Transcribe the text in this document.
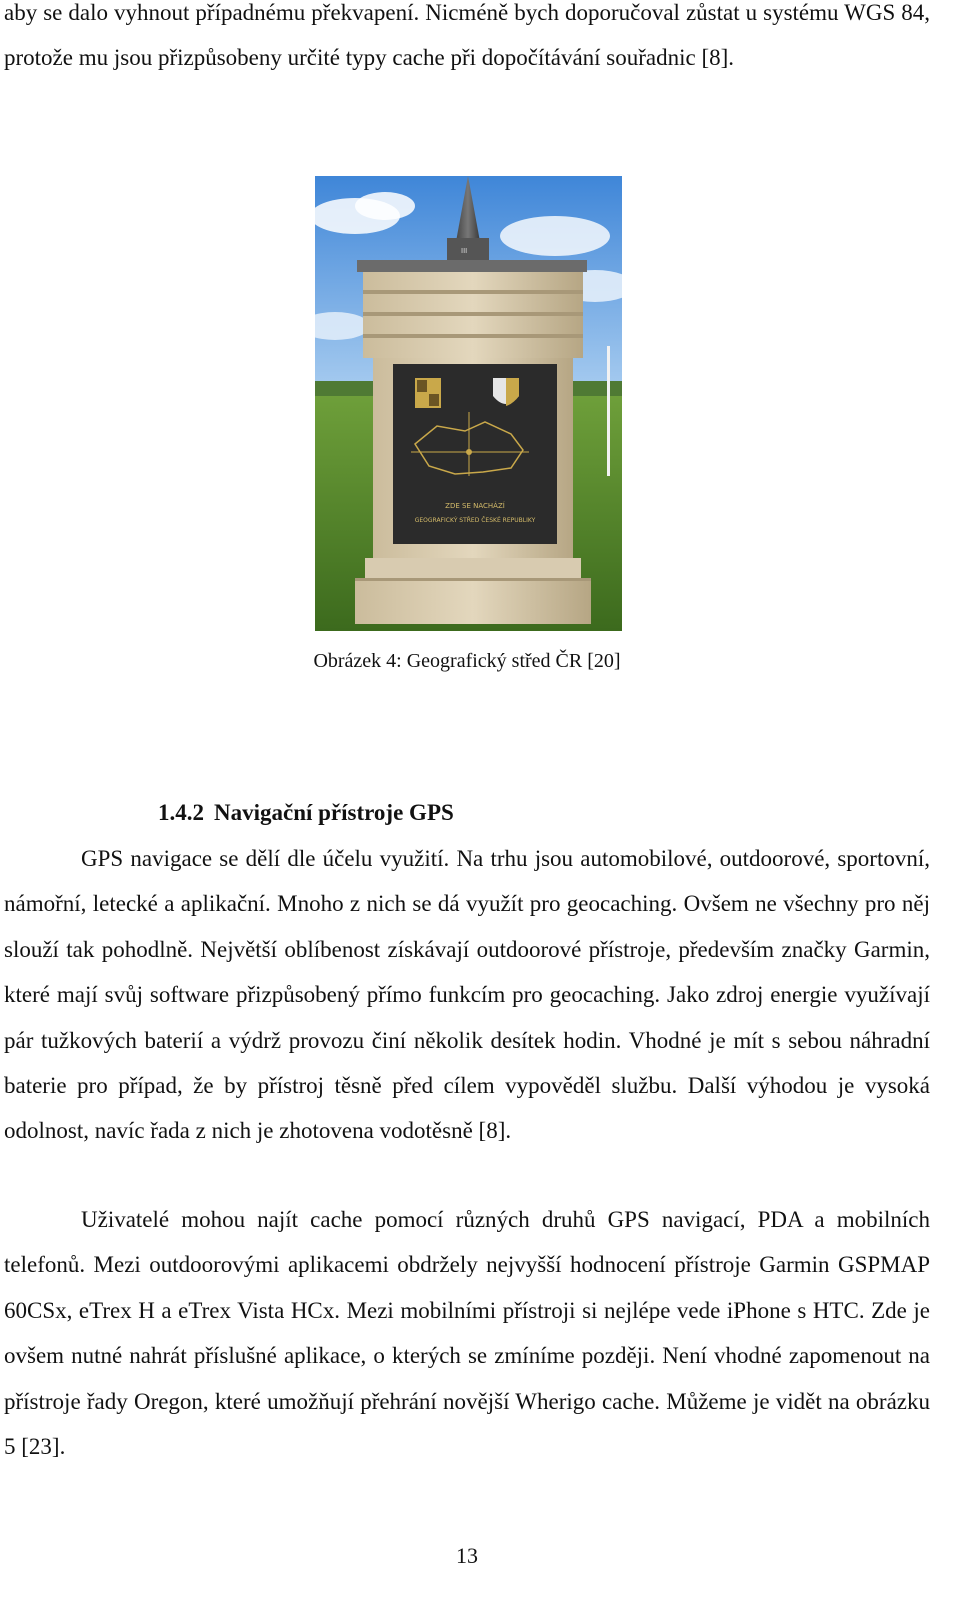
aby se dalo vyhnout případnému překvapení. Nicméně bych doporučoval zůstat u systému WGS 84, protože mu jsou přizpůsobeny určité typy cache při dopočítávání souřadnic [8].

III
ZDE SE NACHÁZÍ
GEOGRAFICKÝ STŘED ČESKÉ REPUBLIKY
Obrázek 4: Geografický střed ČR [20]
1.4.2 Navigační přístroje GPS

GPS navigace se dělí dle účelu využití. Na trhu jsou automobilové, outdoorové, sportovní, námořní, letecké a aplikační. Mnoho z nich se dá využít pro geocaching. Ovšem ne všechny pro něj slouží tak pohodlně. Největší oblíbenost získávají outdoorové přístroje, především značky Garmin, které mají svůj software přizpůsobený přímo funkcím pro geocaching. Jako zdroj energie využívají pár tužkových baterií a výdrž provozu činí několik desítek hodin. Vhodné je mít s sebou náhradní baterie pro případ, že by přístroj těsně před cílem vypověděl službu. Další výhodou je vysoká odolnost, navíc řada z nich je zhotovena vodotěsně [8].

Uživatelé mohou najít cache pomocí různých druhů GPS navigací, PDA a mobilních telefonů. Mezi outdoorovými aplikacemi obdržely nejvyšší hodnocení přístroje Garmin GSPMAP 60CSx, eTrex H a eTrex Vista HCx. Mezi mobilními přístroji si nejlépe vede iPhone s HTC. Zde je ovšem nutné nahrát příslušné aplikace, o kterých se zmíníme později. Není vhodné zapomenout na přístroje řady Oregon, které umožňují přehrání novější Wherigo cache. Můžeme je vidět na obrázku 5 [23].

13
